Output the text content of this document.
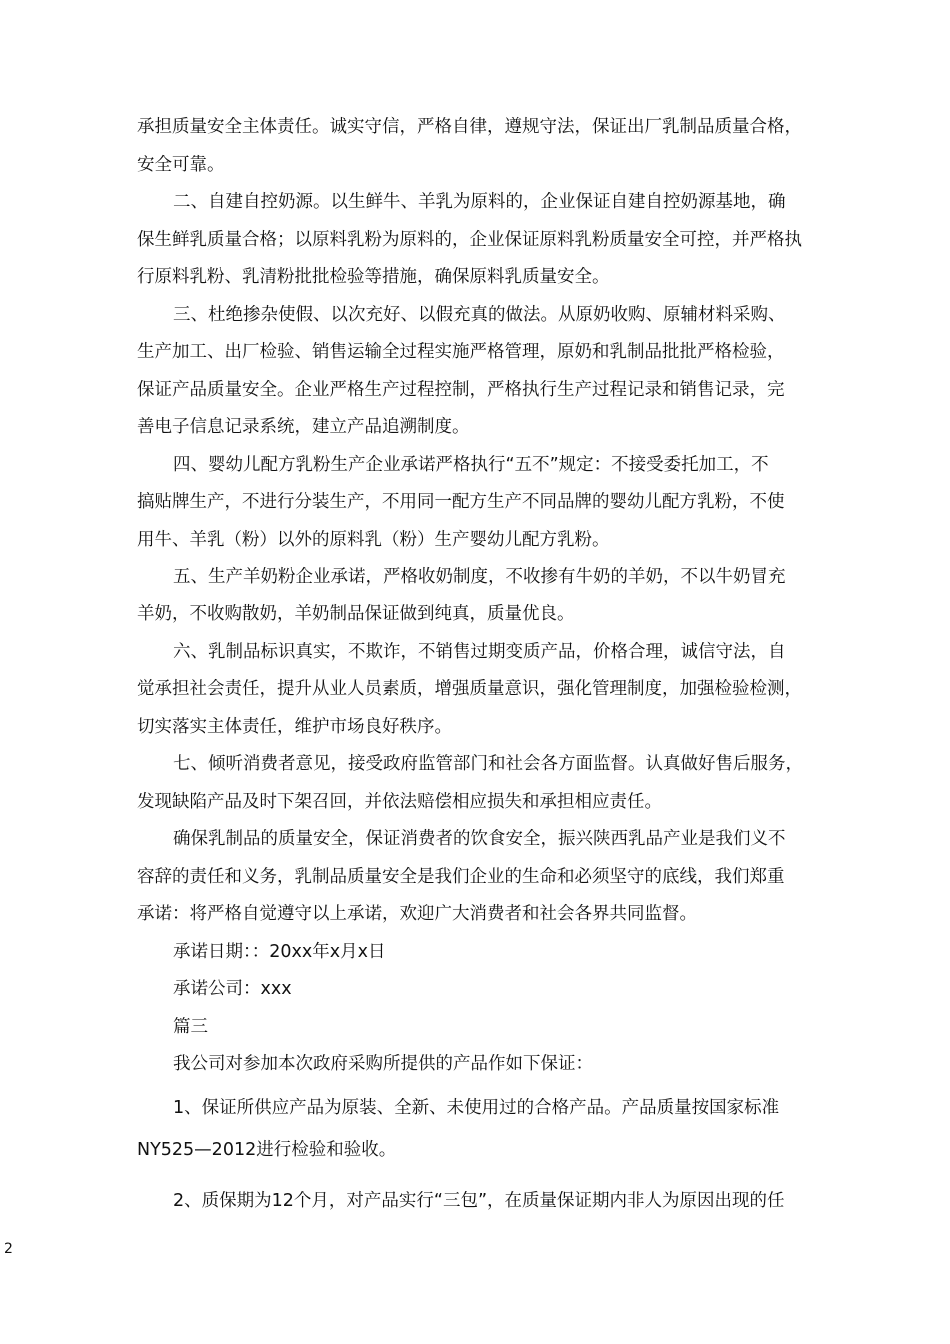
承担质量安全主体责任。诚实守信，严格自律，遵规守法，保证出厂乳制品质量合格，
安全可靠。
二、自建自控奶源。以生鲜牛、羊乳为原料的，企业保证自建自控奶源基地，确
保生鲜乳质量合格；以原料乳粉为原料的，企业保证原料乳粉质量安全可控，并严格执
行原料乳粉、乳清粉批批检验等措施，确保原料乳质量安全。
三、杜绝掺杂使假、以次充好、以假充真的做法。从原奶收购、原辅材料采购、
生产加工、出厂检验、销售运输全过程实施严格管理，原奶和乳制品批批严格检验，
保证产品质量安全。企业严格生产过程控制，严格执行生产过程记录和销售记录，完
善电子信息记录系统，建立产品追溯制度。
四、婴幼儿配方乳粉生产企业承诺严格执行“五不”规定：不接受委托加工，不
搞贴牌生产，不进行分装生产，不用同一配方生产不同品牌的婴幼儿配方乳粉，不使
用牛、羊乳（粉）以外的原料乳（粉）生产婴幼儿配方乳粉。
五、生产羊奶粉企业承诺，严格收奶制度，不收掺有牛奶的羊奶，不以牛奶冒充
羊奶，不收购散奶，羊奶制品保证做到纯真，质量优良。
六、乳制品标识真实，不欺诈，不销售过期变质产品，价格合理，诚信守法，自
觉承担社会责任，提升从业人员素质，增强质量意识，强化管理制度，加强检验检测，
切实落实主体责任，维护市场良好秩序。
七、倾听消费者意见，接受政府监管部门和社会各方面监督。认真做好售后服务，
发现缺陷产品及时下架召回，并依法赔偿相应损失和承担相应责任。
确保乳制品的质量安全，保证消费者的饮食安全，振兴陕西乳品产业是我们义不
容辞的责任和义务，乳制品质量安全是我们企业的生命和必须坚守的底线，我们郑重
承诺：将严格自觉遵守以上承诺，欢迎广大消费者和社会各界共同监督。
承诺日期：：20xx年x月x日
承诺公司：xxx
篇三
我公司对参加本次政府采购所提供的产品作如下保证：
1、保证所供应产品为原装、全新、未使用过的合格产品。产品质量按国家标准
NY525—2012进行检验和验收。
2、质保期为12个月，对产品实行“三包”，在质量保证期内非人为原因出现的任
2
